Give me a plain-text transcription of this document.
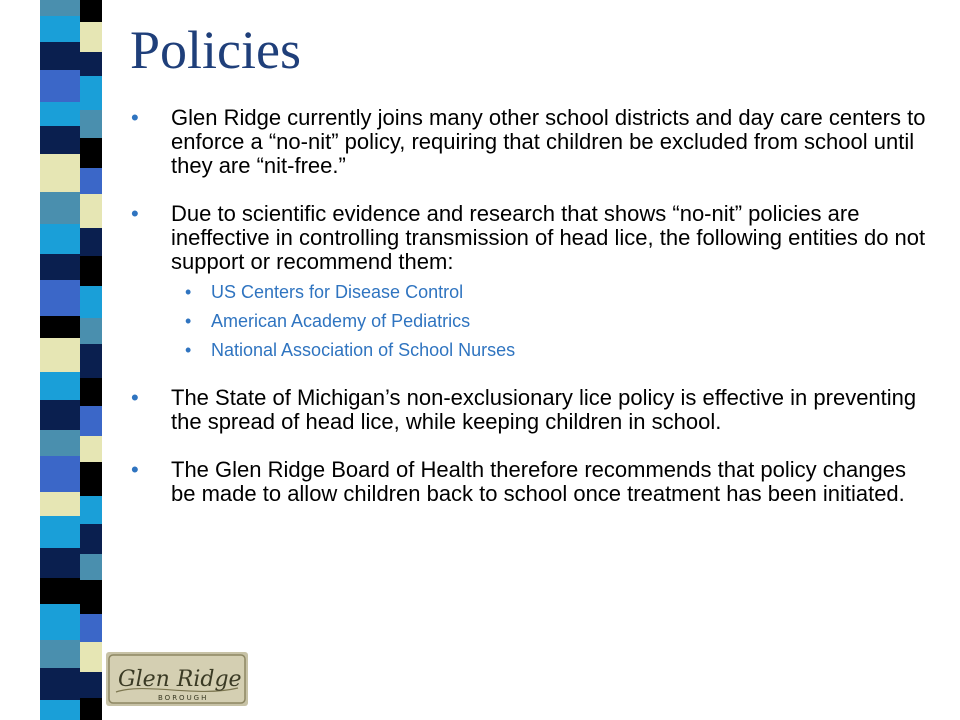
Policies
• Glen Ridge currently joins many other school districts and day care centers to enforce a “no-nit” policy, requiring that children be excluded from school until they are “nit-free.”
• Due to scientific evidence and research that shows “no-nit” policies are ineffective in controlling transmission of head lice, the following entities do not support or recommend them:
• US Centers for Disease Control
• American Academy of Pediatrics
• National Association of School Nurses
• The State of Michigan’s non-exclusionary lice policy is effective in preventing the spread of head lice, while keeping children in school.
• The Glen Ridge Board of Health therefore recommends that policy changes be made to allow children back to school once treatment has been initiated.
Glen Ridge
BOROUGH
